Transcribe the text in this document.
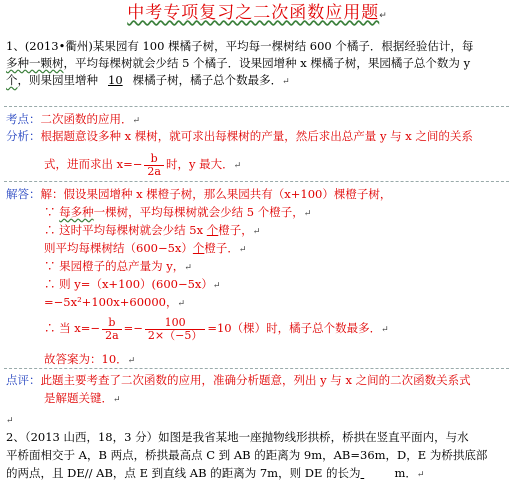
中考专项复习之二次函数应用题↵
1、(2013•衢州)某果园有 100 棵橘子树，平均每一棵树结 600 个橘子．根据经验估计，每
多种一颗树，平均每棵树就会少结 5 个橘子．设果园增种 x 棵橘子树，果园橘子总个数为 y
个，则果园里增种 10 棵橘子树，橘子总个数最多．↵
考点：二次函数的应用．↵
分析：根据题意设多种 x 棵树，就可求出每棵树的产量，然后求出总产量 y 与 x 之间的关系
式，进而求出 $x=- \frac{b}{2a}$ 时，y 最大．↵
解答：解：假设果园增种 x 棵橙子树，那么果园共有（x+100）棵橙子树，
∵ 每多种一棵树，平均每棵树就会少结 5 个橙子，↵
∴ 这时平均每棵树就会少结 5x 个橙子，↵
则平均每棵树结（600−5x）个橙子．↵
∵ 果园橙子的总产量为 y，↵
∴ 则 y=（x+100）(600−5x）↵
=−5x²+100x+60000，↵
∴ 当 $x=- \frac{b}{2a} =- \frac{100}{2\times(-5)} =10$（棵）时，橘子总个数最多．↵
故答案为：10．↵
点评：此题主要考查了二次函数的应用，准确分析题意，列出 y 与 x 之间的二次函数关系式
是解题关键．↵
↵
2、（2013 山西，18，3 分）如图是我省某地一座抛物线形拱桥，桥拱在竖直平面内，与水
平桥面相交于 A，B 两点，桥拱最高点 C 到 AB 的距离为 9m，AB=36m，D，E 为桥拱底部
的两点，且 DE// AB，点 E 到直线 AB 的距离为 7m，则 DE 的长为	m．↵
